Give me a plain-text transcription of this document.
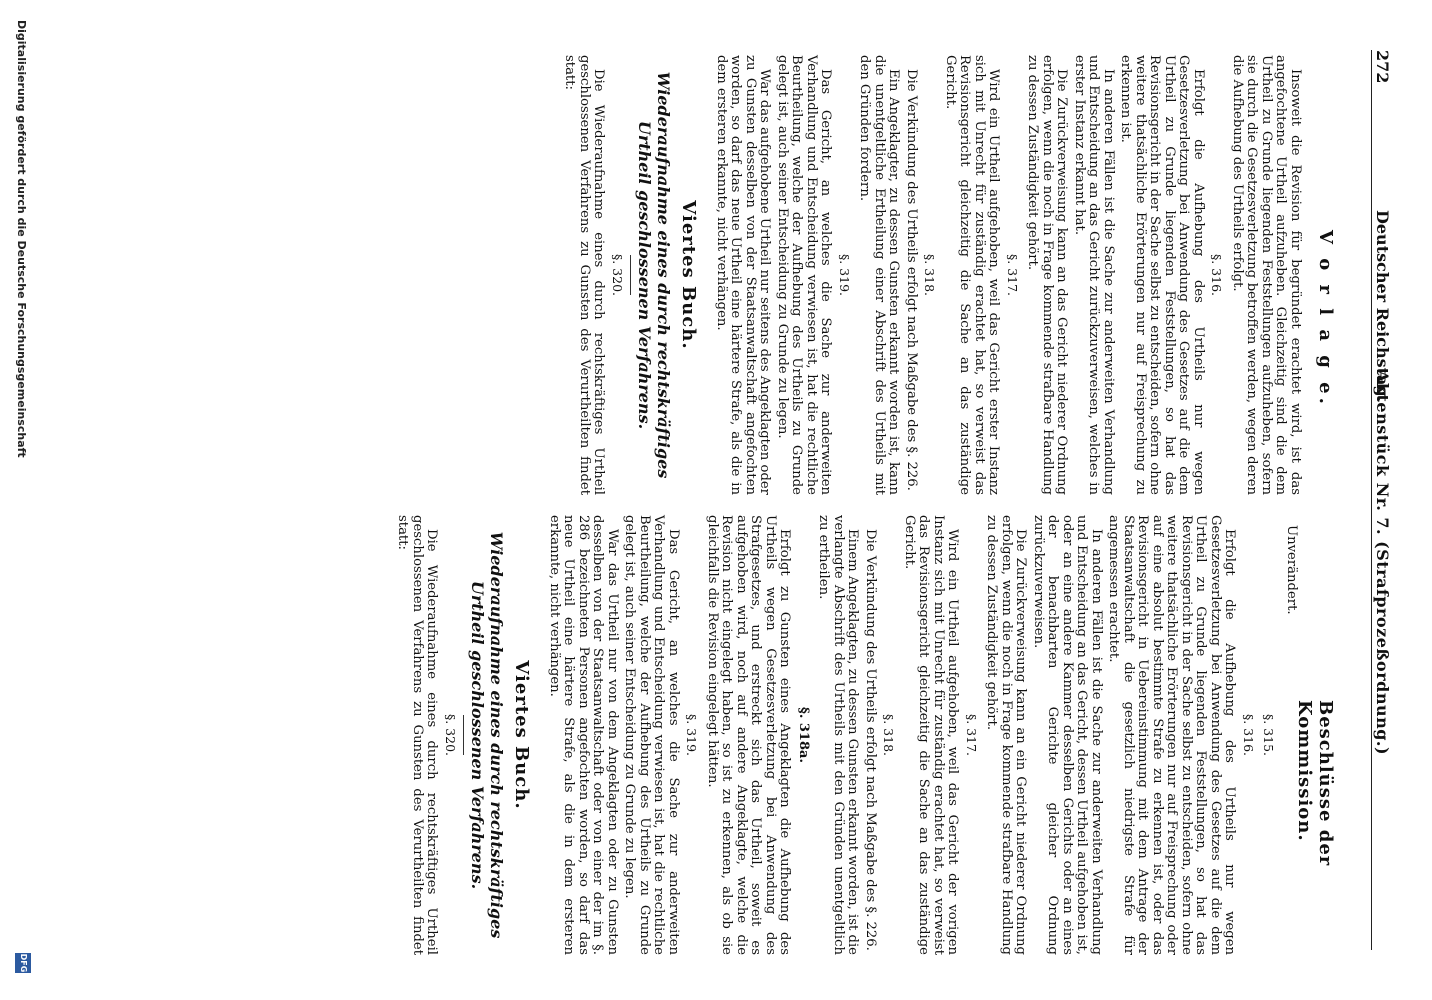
272
Deutscher Reichstag.
Aktenstück Nr. 7. (Strafprozeßordnung.)
V o r l a g e.
Beschlüsse der Kommission.
Insoweit die Revision für begründet erachtet wird, ist das angefochtene Urtheil aufzuheben. Gleichzeitig sind die dem Urtheil zu Grunde liegenden Feststellungen aufzuheben, sofern sie durch die Gesetzesverletzung betroffen werden, wegen deren die Aufhebung des Urtheils erfolgt.
§. 316.
Erfolgt die Aufhebung des Urtheils nur wegen Gesetzesverletzung bei Anwendung des Gesetzes auf die dem Urtheil zu Grunde liegenden Feststellungen, so hat das Revisionsgericht in der Sache selbst zu entscheiden, sofern ohne weitere thatsächliche Erörterungen nur auf Freisprechung zu erkennen ist.
In anderen Fällen ist die Sache zur anderweiten Verhandlung und Entscheidung an das Gericht zurückzuverweisen, welches in erster Instanz erkannt hat.
Die Zurückverweisung kann an das Gericht niederer Ordnung erfolgen, wenn die noch in Frage kommende strafbare Handlung zu dessen Zuständigkeit gehört.
§. 317.
Wird ein Urtheil aufgehoben, weil das Gericht erster Instanz sich mit Unrecht für zuständig erachtet hat, so verweist das Revisionsgericht gleichzeitig die Sache an das zuständige Gericht.
§. 318.
Die Verkündung des Urtheils erfolgt nach Maßgabe des §. 226.
Ein Angeklagter, zu dessen Gunsten erkannt worden ist, kann die unentgeltliche Ertheilung einer Abschrift des Urtheils mit den Gründen fordern.
§. 319.
Das Gericht, an welches die Sache zur anderweiten Verhandlung und Entscheidung verwiesen ist, hat die rechtliche Beurtheilung, welche der Aufhebung des Urtheils zu Grunde gelegt ist, auch seiner Entscheidung zu Grunde zu legen.
War das aufgehobene Urtheil nur seitens des Angeklagten oder zu Gunsten desselben von der Staatsanwaltschaft angefochten worden, so darf das neue Urtheil eine härtere Strafe, als die in dem ersteren erkannte, nicht verhängen.
Viertes Buch.
Wiederaufnahme eines durch rechtskräftiges Urtheil geschlossenen Verfahrens.
§. 320.
Die Wiederaufnahme eines durch rechtskräftiges Urtheil geschlossenen Verfahrens zu Gunsten des Verurtheilten findet statt:
Unverändert.
§. 315.
§. 316.
Erfolgt die Aufhebung des Urtheils nur wegen Gesetzesverletzung bei Anwendung des Gesetzes auf die dem Urtheil zu Grunde liegenden Feststellungen, so hat das Revisionsgericht in der Sache selbst zu entscheiden, sofern ohne weitere thatsächliche Erörterungen nur auf Freisprechung oder auf eine absolut bestimmte Strafe zu erkennen ist, oder das Revisionsgericht in Uebereinstimmung mit dem Antrage der Staatsanwaltschaft die gesetzlich niedrigste Strafe für angemessen erachtet.
In anderen Fällen ist die Sache zur anderweiten Verhandlung und Entscheidung an das Gericht, dessen Urtheil aufgehoben ist, oder an eine andere Kammer desselben Gerichts oder an eines der benachbarten Gerichte gleicher Ordnung zurückzuverweisen.
Die Zurückverweisung kann an ein Gericht niederer Ordnung erfolgen, wenn die noch in Frage kommende strafbare Handlung zu dessen Zuständigkeit gehört.
§. 317.
Wird ein Urtheil aufgehoben, weil das Gericht der vorigen Instanz sich mit Unrecht für zuständig erachtet hat, so verweist das Revisionsgericht gleichzeitig die Sache an das zuständige Gericht.
§. 318.
Die Verkündung des Urtheils erfolgt nach Maßgabe des §. 226.
Einem Angeklagten, zu dessen Gunsten erkannt worden, ist die verlangte Abschrift des Urtheils mit den Gründen unentgeltlich zu ertheilen.
§. 318a.
Erfolgt zu Gunsten eines Angeklagten die Aufhebung des Urtheils wegen Gesetzesverletzung bei Anwendung des Strafgesetzes, und erstreckt sich das Urtheil, soweit es aufgehoben wird, noch auf andere Angeklagte, welche die Revision nicht eingelegt haben, so ist zu erkennen, als ob sie gleichfalls die Revision eingelegt hätten.
§. 319.
Das Gericht, an welches die Sache zur anderweiten Verhandlung und Entscheidung verwiesen ist, hat die rechtliche Beurtheilung, welche der Aufhebung des Urtheils zu Grunde gelegt ist, auch seiner Entscheidung zu Grunde zu legen.
War das Urtheil nur von dem Angeklagten oder zu Gunsten desselben von der Staatsanwaltschaft oder von einer der im §. 286 bezeichneten Personen angefochten worden, so darf das neue Urtheil eine härtere Strafe, als die in dem ersteren erkannte, nicht verhängen.
Viertes Buch.
Wiederaufnahme eines durch rechtskräftiges Urtheil geschlossenen Verfahrens.
§. 320.
Die Wiederaufnahme eines durch rechtskräftiges Urtheil geschlossenen Verfahrens zu Gunsten des Verurtheilten findet statt:
Digitalisierung gefördert durch die Deutsche Forschungsgemeinschaft
DFG
